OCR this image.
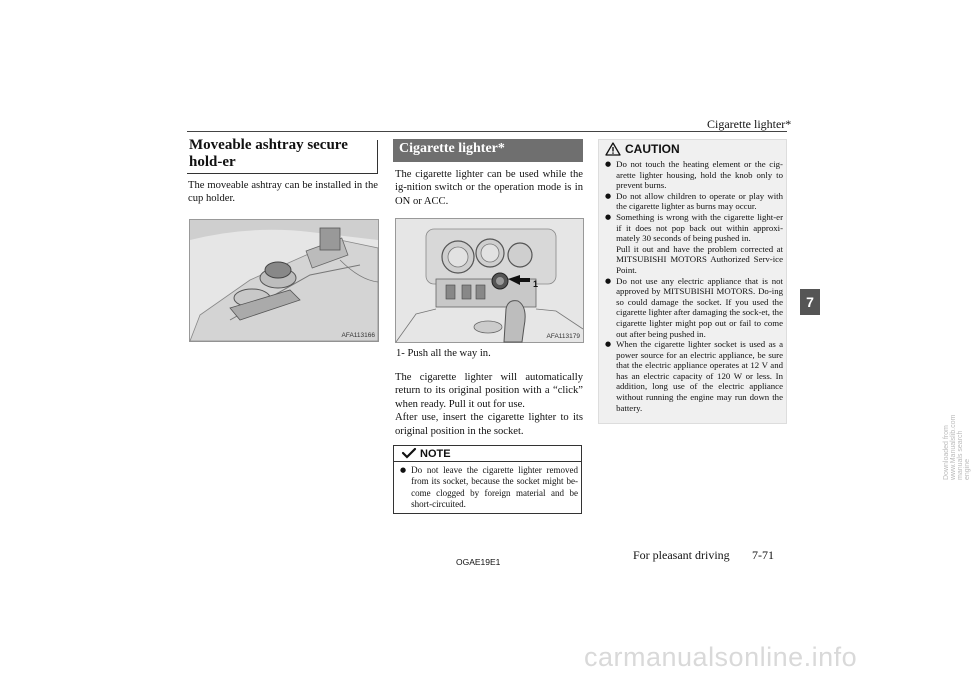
Cigarette lighter*
7
Moveable ashtray secure hold-er
The moveable ashtray can be installed in the cup holder.
AFA113166
Cigarette lighter*
The cigarette lighter can be used while the ig-nition switch or the operation mode is in ON or ACC.
1
AFA113179
1- Push all the way in.
The cigarette lighter will automatically return to its original position with a “click” when ready. Pull it out for use.
After use, insert the cigarette lighter to its original position in the socket.
NOTE
● Do not leave the cigarette lighter removed from its socket, because the socket might be-come clogged by foreign material and be short-circuited.
CAUTION
● Do not touch the heating element or the cig-arette lighter housing, hold the knob only to prevent burns.
● Do not allow children to operate or play with the cigarette lighter as burns may occur.
● Something is wrong with the cigarette light-er if it does not pop back out within approxi-mately 30 seconds of being pushed in.
Pull it out and have the problem corrected at MITSUBISHI MOTORS Authorized Serv-ice Point.
● Do not use any electric appliance that is not approved by MITSUBISHI MOTORS. Do-ing so could damage the socket. If you used the cigarette lighter after damaging the sock-et, the cigarette lighter might pop out or fail to come out after being pushed in.
● When the cigarette lighter socket is used as a power source for an electric appliance, be sure that the electric appliance operates at 12 V and has an electric capacity of 120 W or less. In addition, long use of the electric appliance without running the engine may run down the battery.
OGAE19E1	For pleasant driving 7-71
carmanualsonline.info
Downloaded from www.Manualslib.com manuals search engine
